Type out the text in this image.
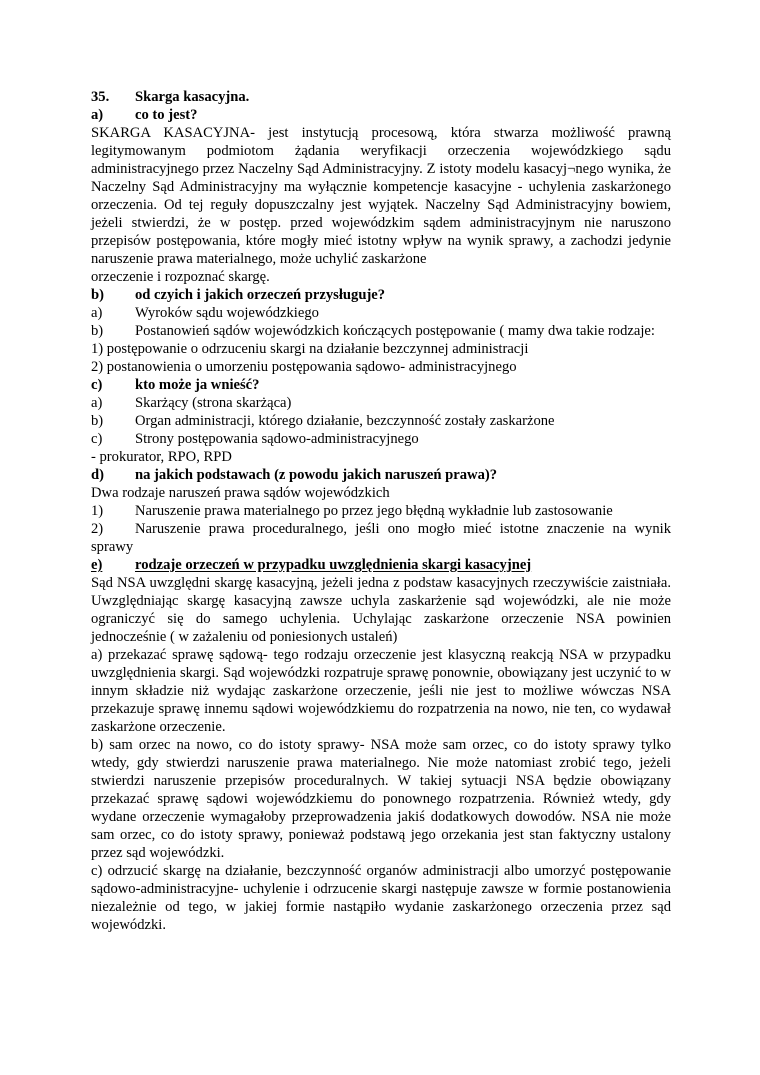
35.	Skarga kasacyjna.
a)	co to jest?
SKARGA KASACYJNA- jest instytucją procesową, która stwarza możliwość prawną legitymowanym podmiotom żądania weryfikacji orzeczenia wojewódzkiego sądu administracyjnego przez Naczelny Sąd Administracyjny. Z istoty modelu kasacyj¬nego wynika, że Naczelny Sąd Administracyjny ma wyłącznie kompetencje kasacyjne - uchylenia zaskarżonego orzeczenia. Od tej reguły dopuszczalny jest wyjątek. Naczelny Sąd Administracyjny bowiem, jeżeli stwierdzi, że w postęp. przed wojewódzkim sądem administracyjnym nie naruszono przepisów postępowania, które mogły mieć istotny wpływ na wynik sprawy, a zachodzi jedynie naruszenie prawa materialnego, może uchylić zaskarżone
orzeczenie i rozpoznać skargę.
b)	od czyich i jakich orzeczeń przysługuje?
a)	Wyroków sądu wojewódzkiego
b) Postanowień sądów wojewódzkich kończących postępowanie ( mamy dwa takie rodzaje:
1) postępowanie o odrzuceniu skargi na działanie bezczynnej administracji
2) postanowienia o umorzeniu postępowania sądowo- administracyjnego
c)	kto może ja wnieść?
a)	Skarżący (strona skarżąca)
b)	Organ administracji, którego działanie, bezczynność zostały zaskarżone
c)	Strony postępowania sądowo-administracyjnego
- prokurator, RPO, RPD
d)	na jakich podstawach (z powodu jakich naruszeń prawa)?
Dwa rodzaje naruszeń prawa sądów wojewódzkich
1)	Naruszenie prawa materialnego po przez jego błędną wykładnie lub zastosowanie
2) Naruszenie prawa proceduralnego, jeśli ono mogło mieć istotne znaczenie na wynik sprawy
e)	rodzaje orzeczeń w przypadku uwzględnienia skargi kasacyjnej
Sąd NSA uwzględni skargę kasacyjną, jeżeli jedna z podstaw kasacyjnych rzeczywiście zaistniała. Uwzględniając skargę kasacyjną zawsze uchyla zaskarżenie sąd wojewódzki, ale nie może ograniczyć się do samego uchylenia. Uchylając zaskarżone orzeczenie NSA powinien jednocześnie ( w zażaleniu od poniesionych ustaleń)
a) przekazać sprawę sądową- tego rodzaju orzeczenie jest klasyczną reakcją NSA w przypadku uwzględnienia skargi. Sąd wojewódzki rozpatruje sprawę ponownie, obowiązany jest uczynić to w innym składzie niż wydając zaskarżone orzeczenie, jeśli nie jest to możliwe wówczas NSA przekazuje sprawę innemu sądowi wojewódzkiemu do rozpatrzenia na nowo, nie ten, co wydawał zaskarżone orzeczenie.
b) sam orzec na nowo, co do istoty sprawy- NSA może sam orzec, co do istoty sprawy tylko wtedy, gdy stwierdzi naruszenie prawa materialnego. Nie może natomiast zrobić tego, jeżeli stwierdzi naruszenie przepisów proceduralnych. W takiej sytuacji NSA będzie obowiązany przekazać sprawę sądowi wojewódzkiemu do ponownego rozpatrzenia. Również wtedy, gdy wydane orzeczenie wymagałoby przeprowadzenia jakiś dodatkowych dowodów. NSA nie może sam orzec, co do istoty sprawy, ponieważ podstawą jego orzekania jest stan faktyczny ustalony przez sąd wojewódzki.
c) odrzucić skargę na działanie, bezczynność organów administracji albo umorzyć postępowanie sądowo-administracyjne- uchylenie i odrzucenie skargi następuje zawsze w formie postanowienia niezależnie od tego, w jakiej formie nastąpiło wydanie zaskarżonego orzeczenia przez sąd wojewódzki.
